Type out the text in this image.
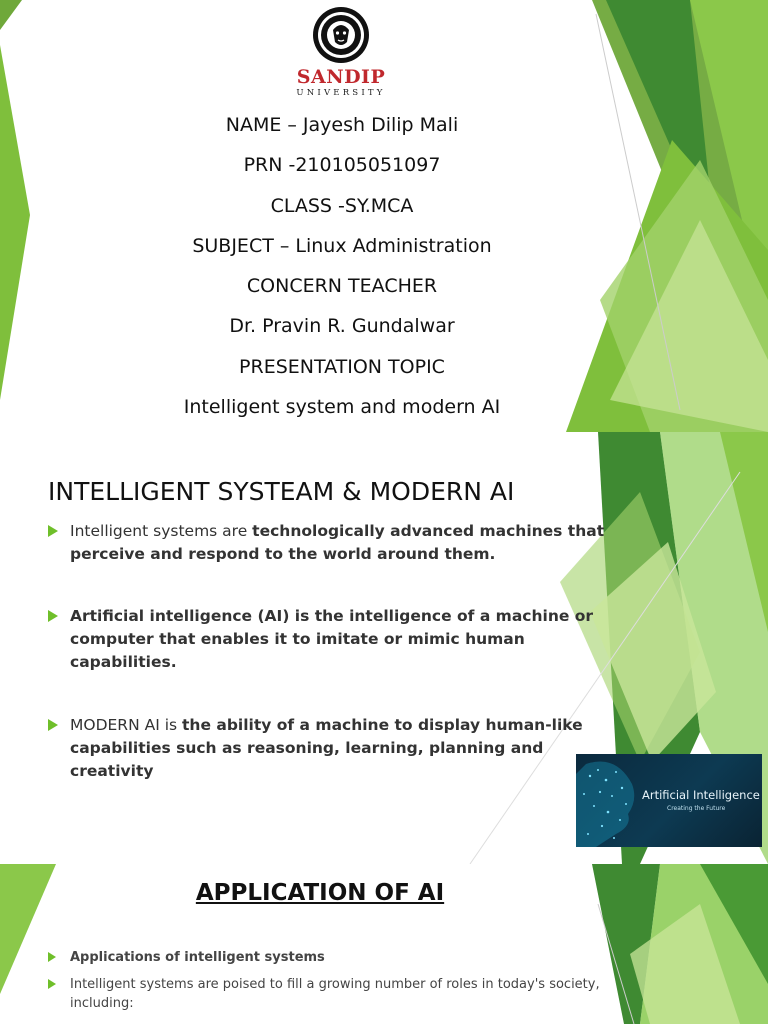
SANDIP
UNIVERSITY
NAME – Jayesh Dilip Mali
PRN -210105051097
CLASS -SY.MCA
SUBJECT – Linux Administration
CONCERN TEACHER
Dr. Pravin R. Gundalwar
PRESENTATION TOPIC
Intelligent system and modern AI
INTELLIGENT SYSTEAM & MODERN AI
Intelligent systems are technologically advanced machines that perceive and respond to the world around them.
Artificial intelligence (AI) is the intelligence of a machine or computer that enables it to imitate or mimic human capabilities.
MODERN AI is the ability of a machine to display human-like capabilities such as reasoning, learning, planning and creativity
Artificial Intelligence
Creating the Future
APPLICATION OF AI
Applications of intelligent systems
Intelligent systems are poised to fill a growing number of roles in today's society, including:
